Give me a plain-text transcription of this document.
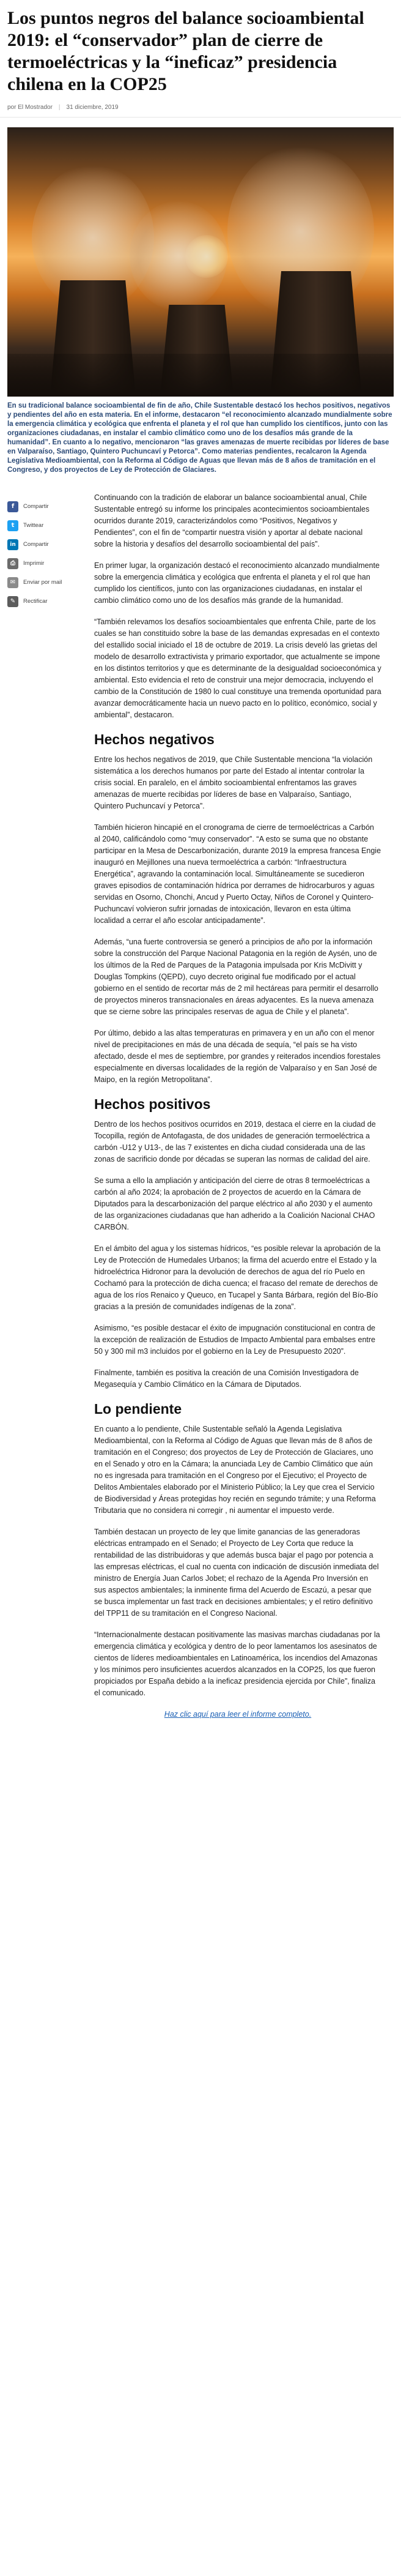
Los puntos negros del balance socioambiental 2019: el “conservador” plan de cierre de termoeléctricas y la “ineficaz” presidencia chilena en la COP25
por El Mostrador | 31 diciembre, 2019
En su tradicional balance socioambiental de fin de año, Chile Sustentable destacó los hechos positivos, negativos y pendientes del año en esta materia. En el informe, destacaron “el reconocimiento alcanzado mundialmente sobre la emergencia climática y ecológica que enfrenta el planeta y el rol que han cumplido los científicos, junto con las organizaciones ciudadanas, en instalar el cambio climático como uno de los desafíos más grande de la humanidad”. En cuanto a lo negativo, mencionaron “las graves amenazas de muerte recibidas por líderes de base en Valparaíso, Santiago, Quintero Puchuncaví y Petorca”. Como materias pendientes, recalcaron la Agenda Legislativa Medioambiental, con la Reforma al Código de Aguas que llevan más de 8 años de tramitación en el Congreso, y dos proyectos de Ley de Protección de Glaciares.
f	Compartir
t	Twittear
in	Compartir
⎙	Imprimir
✉	Enviar por mail
✎	Rectificar

Continuando con la tradición de elaborar un balance socioambiental anual, Chile Sustentable entregó su informe los principales acontecimientos socioambientales ocurridos durante 2019, caracterizándolos como “Positivos, Negativos y Pendientes”, con el fin de “compartir nuestra visión y aportar al debate nacional sobre la historia y desafíos del desarrollo socioambiental del país”.

En primer lugar, la organización destacó el reconocimiento alcanzado mundialmente sobre la emergencia climática y ecológica que enfrenta el planeta y el rol que han cumplido los científicos, junto con las organizaciones ciudadanas, en instalar el cambio climático como uno de los desafíos más grande de la humanidad.

“También relevamos los desafíos socioambientales que enfrenta Chile, parte de los cuales se han constituido sobre la base de las demandas expresadas en el contexto del estallido social iniciado el 18 de octubre de 2019. La crisis develó las grietas del modelo de desarrollo extractivista y primario exportador, que actualmente se impone en los distintos territorios y que es determinante de la desigualdad socioeconómica y ambiental. Esto evidencia el reto de construir una mejor democracia, incluyendo el cambio de la Constitución de 1980 lo cual constituye una tremenda oportunidad para avanzar democráticamente hacia un nuevo pacto en lo político, económico, social y ambiental”, destacaron.

Hechos negativos

Entre los hechos negativos de 2019, que Chile Sustentable menciona “la violación sistemática a los derechos humanos por parte del Estado al intentar controlar la crisis social. En paralelo, en el ámbito socioambiental enfrentamos las graves amenazas de muerte recibidas por líderes de base en Valparaíso, Santiago, Quintero Puchuncaví y Petorca”.

También hicieron hincapié en el cronograma de cierre de termoeléctricas a Carbón al 2040, calificándolo como “muy conservador”. “A esto se suma que no obstante participar en la Mesa de Descarbonización, durante 2019 la empresa francesa Engie inauguró en Mejillones una nueva termoeléctrica a carbón: “Infraestructura Energética”, agravando la contaminación local. Simultáneamente se sucedieron graves episodios de contaminación hídrica por derrames de hidrocarburos y aguas servidas en Osorno, Chonchi, Ancud y Puerto Octay, Niños de Coronel y Quintero-Puchuncaví volvieron sufrir jornadas de intoxicación, llevaron en esta última localidad a cerrar el año escolar anticipadamente”.

Además, “una fuerte controversia se generó a principios de año por la información sobre la construcción del Parque Nacional Patagonia en la región de Aysén, uno de los últimos de la Red de Parques de la Patagonia impulsada por Kris McDivitt y Douglas Tompkins (QEPD), cuyo decreto original fue modificado por el actual gobierno en el sentido de recortar más de 2 mil hectáreas para permitir el desarrollo de proyectos mineros transnacionales en áreas adyacentes. Es la nueva amenaza que se cierne sobre las principales reservas de agua de Chile y el planeta”.

Por último, debido a las altas temperaturas en primavera y en un año con el menor nivel de precipitaciones en más de una década de sequía, “el país se ha visto afectado, desde el mes de septiembre, por grandes y reiterados incendios forestales especialmente en diversas localidades de la región de Valparaíso y en San José de Maipo, en la región Metropolitana”.

Hechos positivos

Dentro de los hechos positivos ocurridos en 2019, destaca el cierre en la ciudad de Tocopilla, región de Antofagasta, de dos unidades de generación termoeléctrica a carbón -U12 y U13-, de las 7 existentes en dicha ciudad considerada una de las zonas de sacrificio donde por décadas se superan las normas de calidad del aire.

Se suma a ello la ampliación y anticipación del cierre de otras 8 termoeléctricas a carbón al año 2024; la aprobación de 2 proyectos de acuerdo en la Cámara de Diputados para la descarbonización del parque eléctrico al año 2030 y el aumento de las organizaciones ciudadanas que han adherido a la Coalición Nacional CHAO CARBÓN.

En el ámbito del agua y los sistemas hídricos, “es posible relevar la aprobación de la Ley de Protección de Humedales Urbanos; la firma del acuerdo entre el Estado y la hidroeléctrica Hidronor para la devolución de derechos de agua del río Puelo en Cochamó para la protección de dicha cuenca; el fracaso del remate de derechos de agua de los ríos Renaico y Queuco, en Tucapel y Santa Bárbara, región del Bío-Bío gracias a la presión de comunidades indígenas de la zona”.

Asimismo, “es posible destacar el éxito de impugnación constitucional en contra de la excepción de realización de Estudios de Impacto Ambiental para embalses entre 50 y 300 mil m3 incluidos por el gobierno en la Ley de Presupuesto 2020”.

Finalmente, también es positiva la creación de una Comisión Investigadora de Megasequía y Cambio Climático en la Cámara de Diputados.

Lo pendiente

En cuanto a lo pendiente, Chile Sustentable señaló la Agenda Legislativa Medioambiental, con la Reforma al Código de Aguas que llevan más de 8 años de tramitación en el Congreso; dos proyectos de Ley de Protección de Glaciares, uno en el Senado y otro en la Cámara; la anunciada Ley de Cambio Climático que aún no es ingresada para tramitación en el Congreso por el Ejecutivo; el Proyecto de Delitos Ambientales elaborado por el Ministerio Público; la Ley que crea el Servicio de Biodiversidad y Áreas protegidas hoy recién en segundo trámite; y una Reforma Tributaria que no considera ni corregir , ni aumentar el impuesto verde.

También destacan un proyecto de ley que limite ganancias de las generadoras eléctricas entrampado en el Senado; el Proyecto de Ley Corta que reduce la rentabilidad de las distribuidoras y que además busca bajar el pago por potencia a las empresas eléctricas, el cual no cuenta con indicación de discusión inmediata del ministro de Energía Juan Carlos Jobet; el rechazo de la Agenda Pro Inversión en sus aspectos ambientales; la inminente firma del Acuerdo de Escazú, a pesar que se busca implementar un fast track en decisiones ambientales; y el retiro definitivo del TPP11 de su tramitación en el Congreso Nacional.

“Internacionalmente destacan positivamente las masivas marchas ciudadanas por la emergencia climática y ecológica y dentro de lo peor lamentamos los asesinatos de cientos de líderes medioambientales en Latinoamérica, los incendios del Amazonas y los mínimos pero insuficientes acuerdos alcanzados en la COP25, los que fueron propiciados por España debido a la ineficaz presidencia ejercida por Chile”, finaliza el comunicado.

Haz clic aquí para leer el informe completo.
